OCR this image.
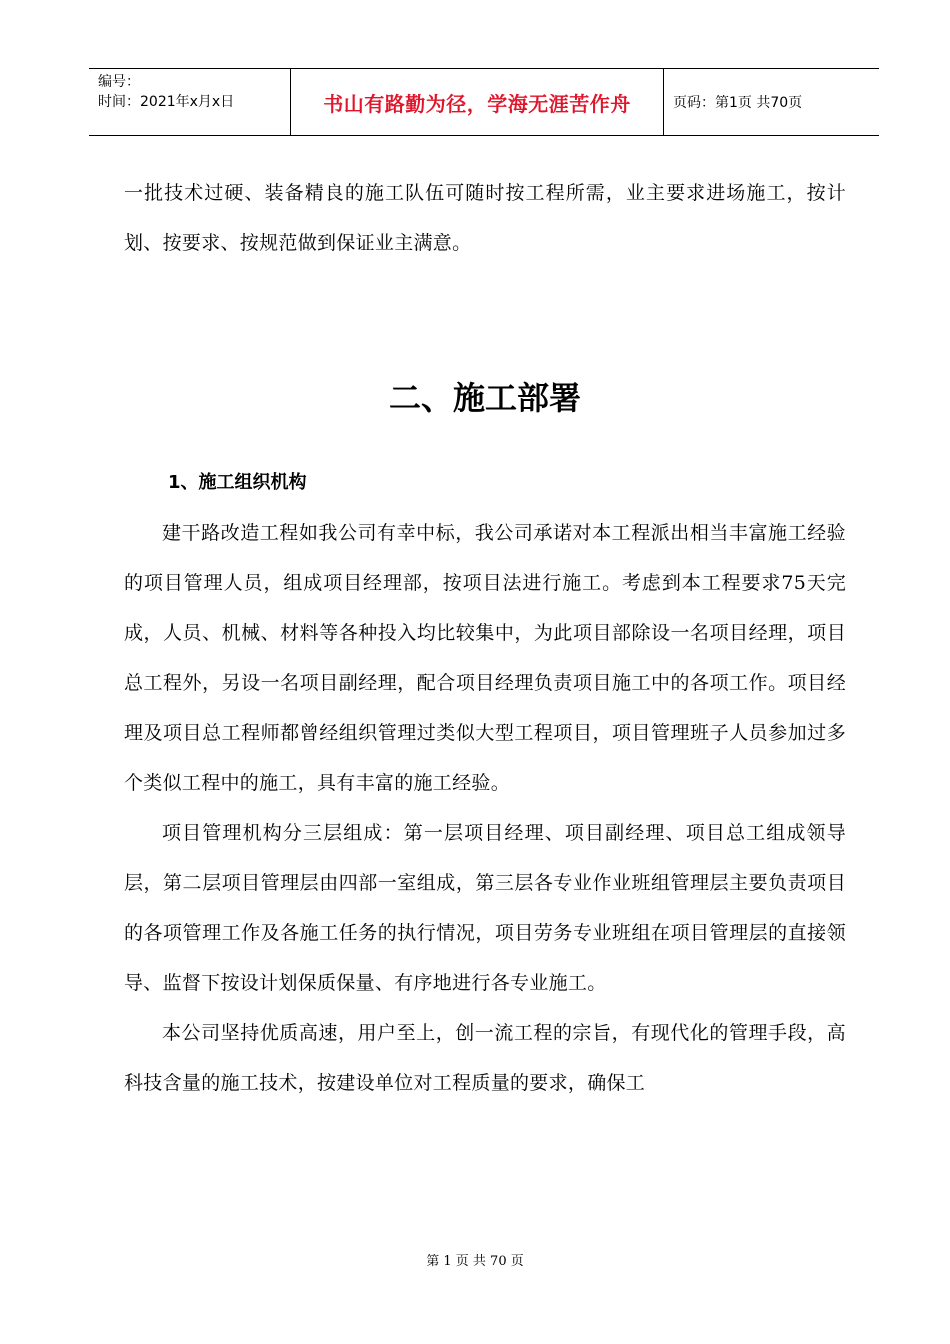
编号：
时间：2021年x月x日	书山有路勤为径，学海无涯苦作舟	页码：第1页 共70页

一批技术过硬、装备精良的施工队伍可随时按工程所需，业主要求进场施工，按计划、按要求、按规范做到保证业主满意。

二、施工部署
1、施工组织机构

建干路改造工程如我公司有幸中标，我公司承诺对本工程派出相当丰富施工经验的项目管理人员，组成项目经理部，按项目法进行施工。考虑到本工程要求75天完成，人员、机械、材料等各种投入均比较集中，为此项目部除设一名项目经理，项目总工程外，另设一名项目副经理，配合项目经理负责项目施工中的各项工作。项目经理及项目总工程师都曾经组织管理过类似大型工程项目，项目管理班子人员参加过多个类似工程中的施工，具有丰富的施工经验。

项目管理机构分三层组成：第一层项目经理、项目副经理、项目总工组成领导层，第二层项目管理层由四部一室组成，第三层各专业作业班组管理层主要负责项目的各项管理工作及各施工任务的执行情况，项目劳务专业班组在项目管理层的直接领导、监督下按设计划保质保量、有序地进行各专业施工。

本公司坚持优质高速，用户至上，创一流工程的宗旨，有现代化的管理手段，高科技含量的施工技术，按建设单位对工程质量的要求，确保工

第 1 页 共 70 页
